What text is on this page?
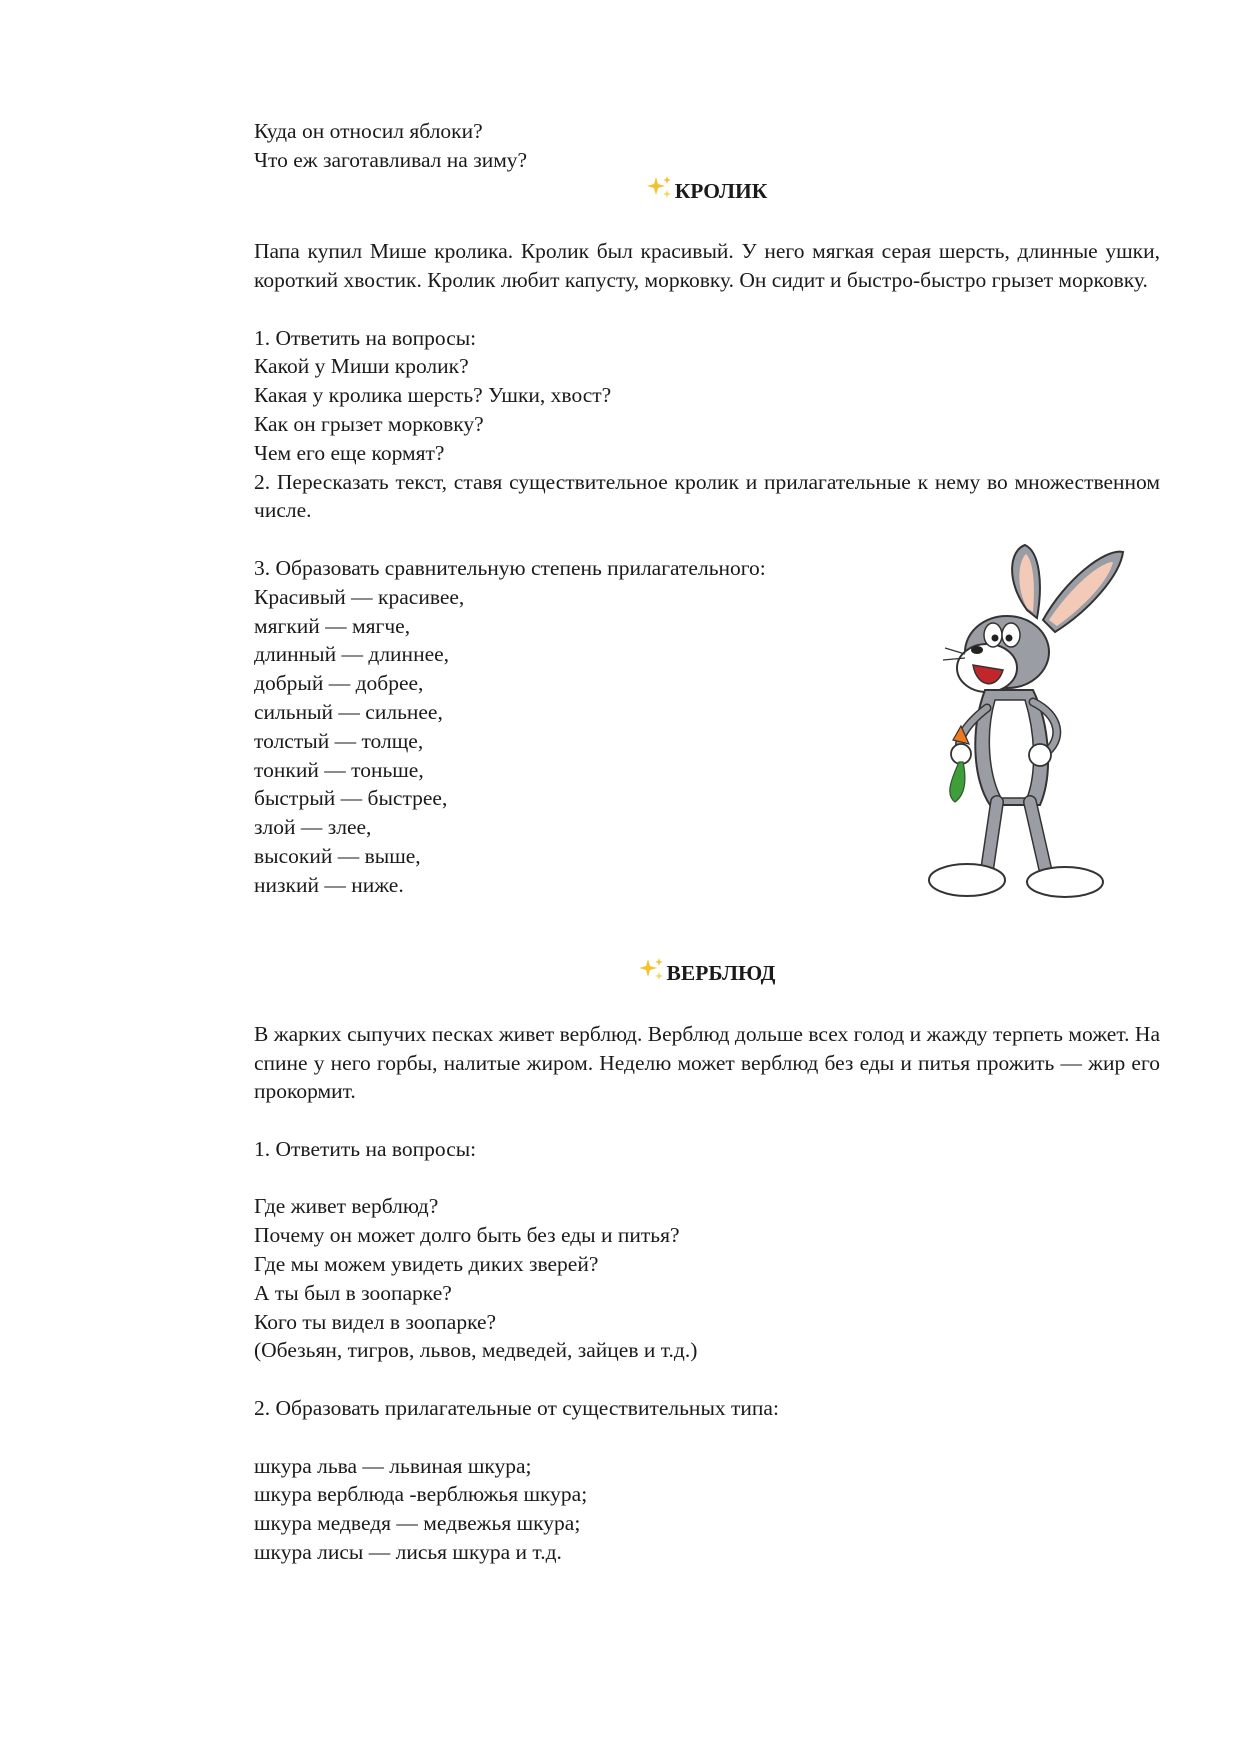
Куда он относил яблоки?
Что еж заготавливал на зиму?
КРОЛИК
Папа купил Мише кролика. Кролик был красивый. У него мягкая серая шерсть, длинные ушки, короткий хвостик. Кролик любит капусту, морковку. Он сидит и быстро-быстро грызет морковку.
1. Ответить на вопросы:
Какой у Миши кролик?
Какая у кролика шерсть? Ушки, хвост?
Как он грызет морковку?
Чем его еще кормят?
2. Пересказать текст, ставя существительное кролик и прилагательные к нему во множественном числе.
3. Образовать сравнительную степень прилагательного:
Красивый — красивее,
мягкий — мягче,
длинный — длиннее,
добрый — добрее,
сильный — сильнее,
толстый — толще,
тонкий — тоньше,
быстрый — быстрее,
злой — злее,
высокий — выше,
низкий — ниже.
ВЕРБЛЮД
В жарких сыпучих песках живет верблюд. Верблюд дольше всех голод и жажду терпеть может. На спине у него горбы, налитые жиром. Неделю может верблюд без еды и питья прожить — жир его прокормит.
1. Ответить на вопросы:
Где живет верблюд?
Почему он может долго быть без еды и питья?
Где мы можем увидеть диких зверей?
А ты был в зоопарке?
Кого ты видел в зоопарке?
(Обезьян, тигров, львов, медведей, зайцев и т.д.)
2. Образовать прилагательные от существительных типа:
шкура льва — львиная шкура;
шкура верблюда -верблюжья шкура;
шкура медведя — медвежья шкура;
шкура лисы — лисья шкура и т.д.
